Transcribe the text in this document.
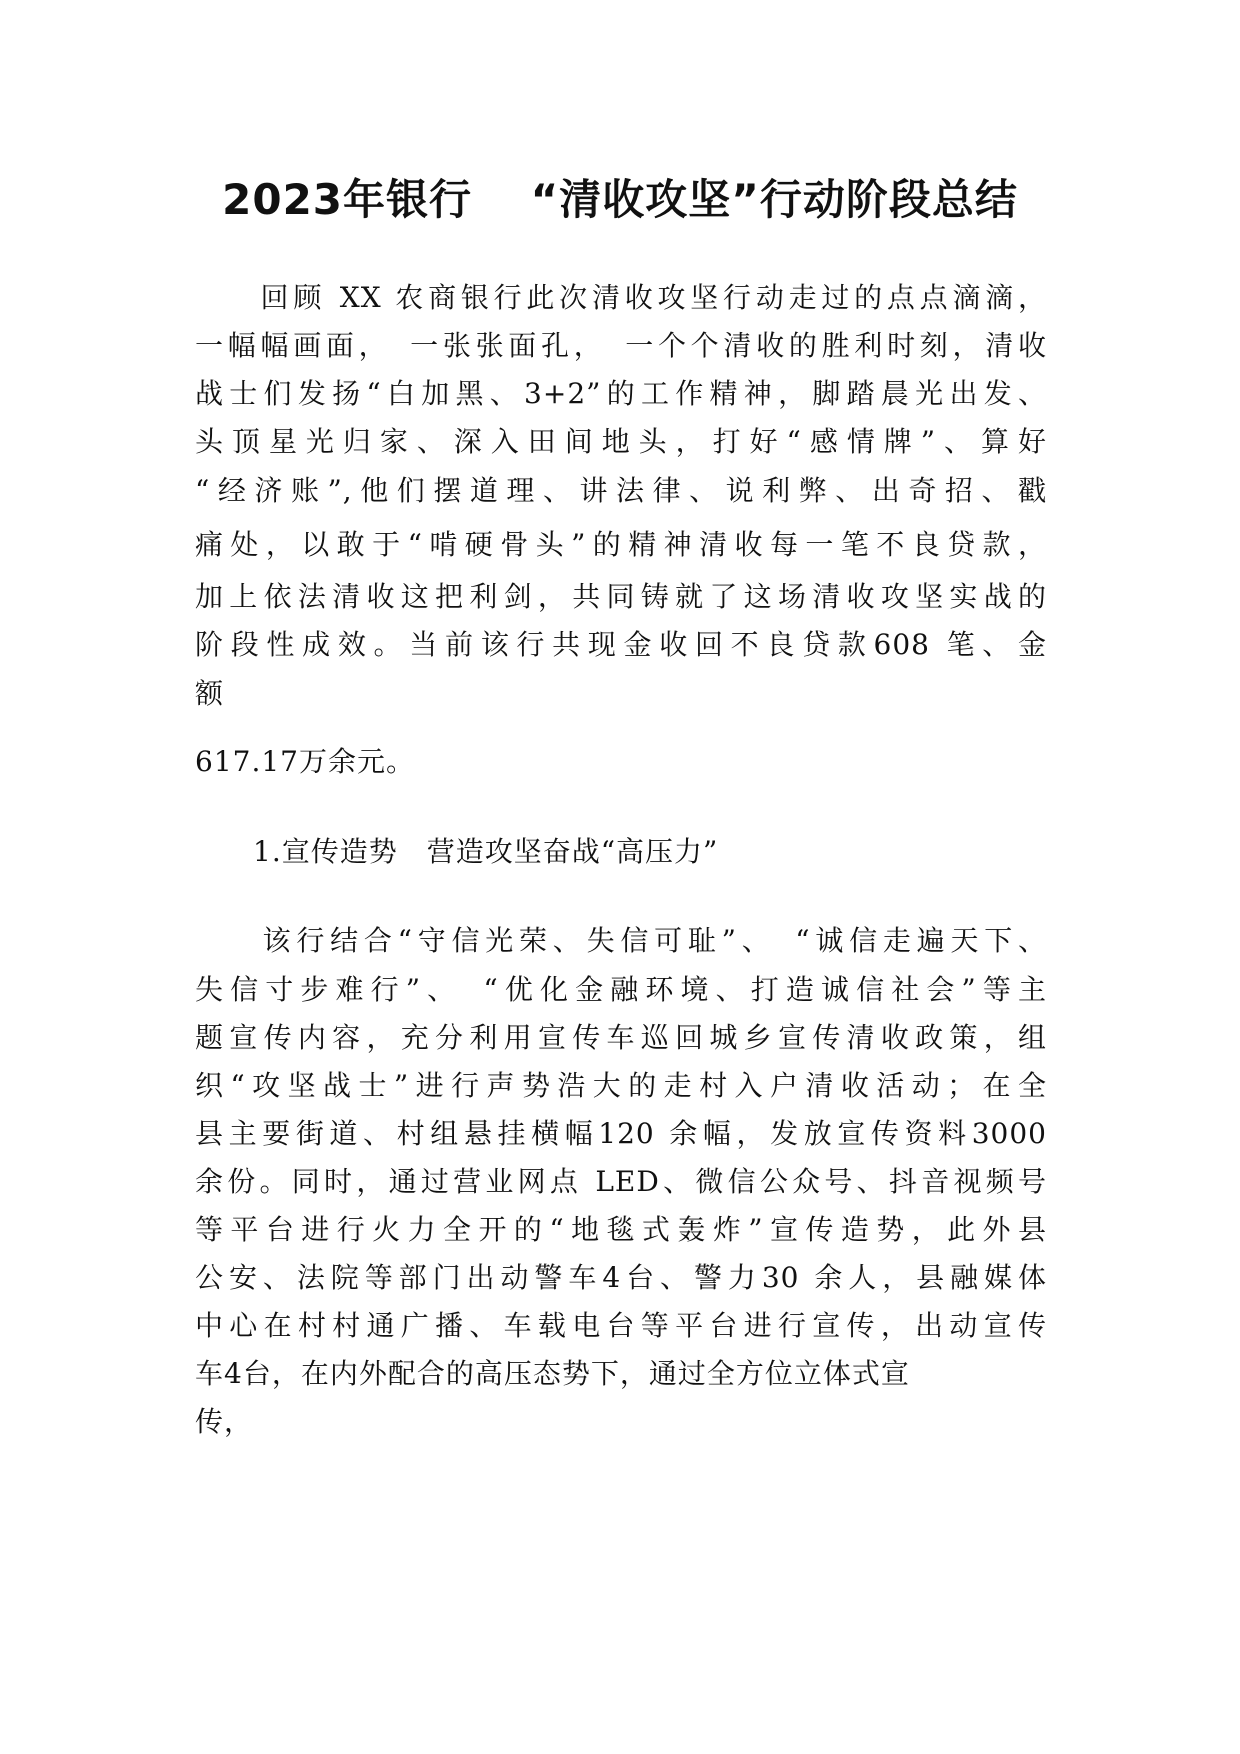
2023年银行　 “清收攻坚”行动阶段总结
　　回顾 XX 农商银行此次清收攻坚行动走过的点点滴滴，
一幅幅画面，　一张张面孔，　一个个清收的胜利时刻，清收
战士们发扬“白加黑、3+2”的工作精神，脚踏晨光出发、
头顶星光归家、深入田间地头，打好“感情牌”、算好
“经济账”,他们摆道理、讲法律、说利弊、出奇招、戳
痛处，以敢于“啃硬骨头”的精神清收每一笔不良贷款，
加上依法清收这把利剑，共同铸就了这场清收攻坚实战的
阶段性成效。当前该行共现金收回不良贷款608 笔、金
额
617.17万余元。
　　1.宣传造势　营造攻坚奋战“高压力”
　　该行结合“守信光荣、失信可耻”、　“诚信走遍天下、
失信寸步难行”、　“优化金融环境、打造诚信社会”等主
题宣传内容，充分利用宣传车巡回城乡宣传清收政策，组
织“攻坚战士”进行声势浩大的走村入户清收活动；在全
县主要街道、村组悬挂横幅120 余幅，发放宣传资料3000
余份。同时，通过营业网点 LED、微信公众号、抖音视频号
等平台进行火力全开的“地毯式轰炸”宣传造势，此外县
公安、法院等部门出动警车4台、警力30 余人，县融媒体
中心在村村通广播、车载电台等平台进行宣传，出动宣传
车4台，在内外配合的高压态势下，通过全方位立体式宣
传，
